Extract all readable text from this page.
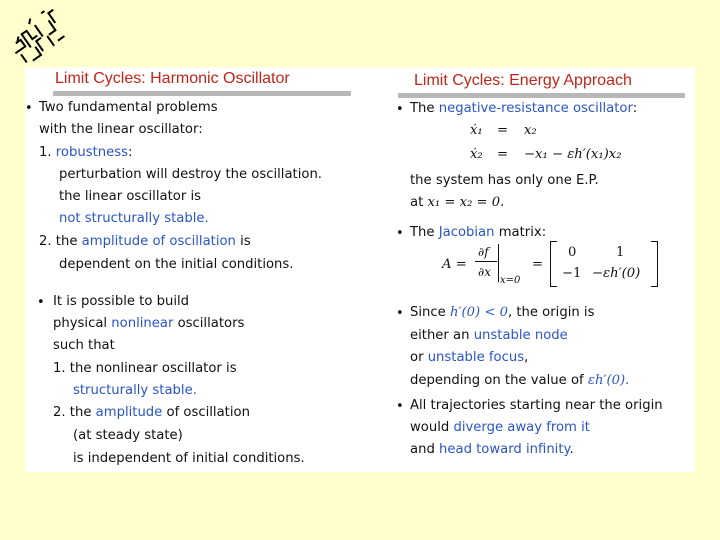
Limit Cycles: Harmonic Oscillator
• Two fundamental problems
with the linear oscillator:
1. robustness:
perturbation will destroy the oscillation.
the linear oscillator is
not structurally stable.
2. the amplitude of oscillation is
dependent on the initial conditions.
• It is possible to build
physical nonlinear oscillators
such that
1. the nonlinear oscillator is
structurally stable.
2. the amplitude of oscillation
(at steady state)
is independent of initial conditions.
Limit Cycles: Energy Approach
• The negative-resistance oscillator:
ẋ₁ = x₂
ẋ₂ = −x₁ − εh′(x₁)x₂
the system has only one E.P.
at x₁ = x₂ = 0.
• The Jacobian matrix:
A =
∂f
∂x
x=0
=
0	1
−1 −εh′(0)
• Since h′(0) < 0, the origin is
either an unstable node
or unstable focus,
depending on the value of εh′(0).
• All trajectories starting near the origin
would diverge away from it
and head toward infinity.
